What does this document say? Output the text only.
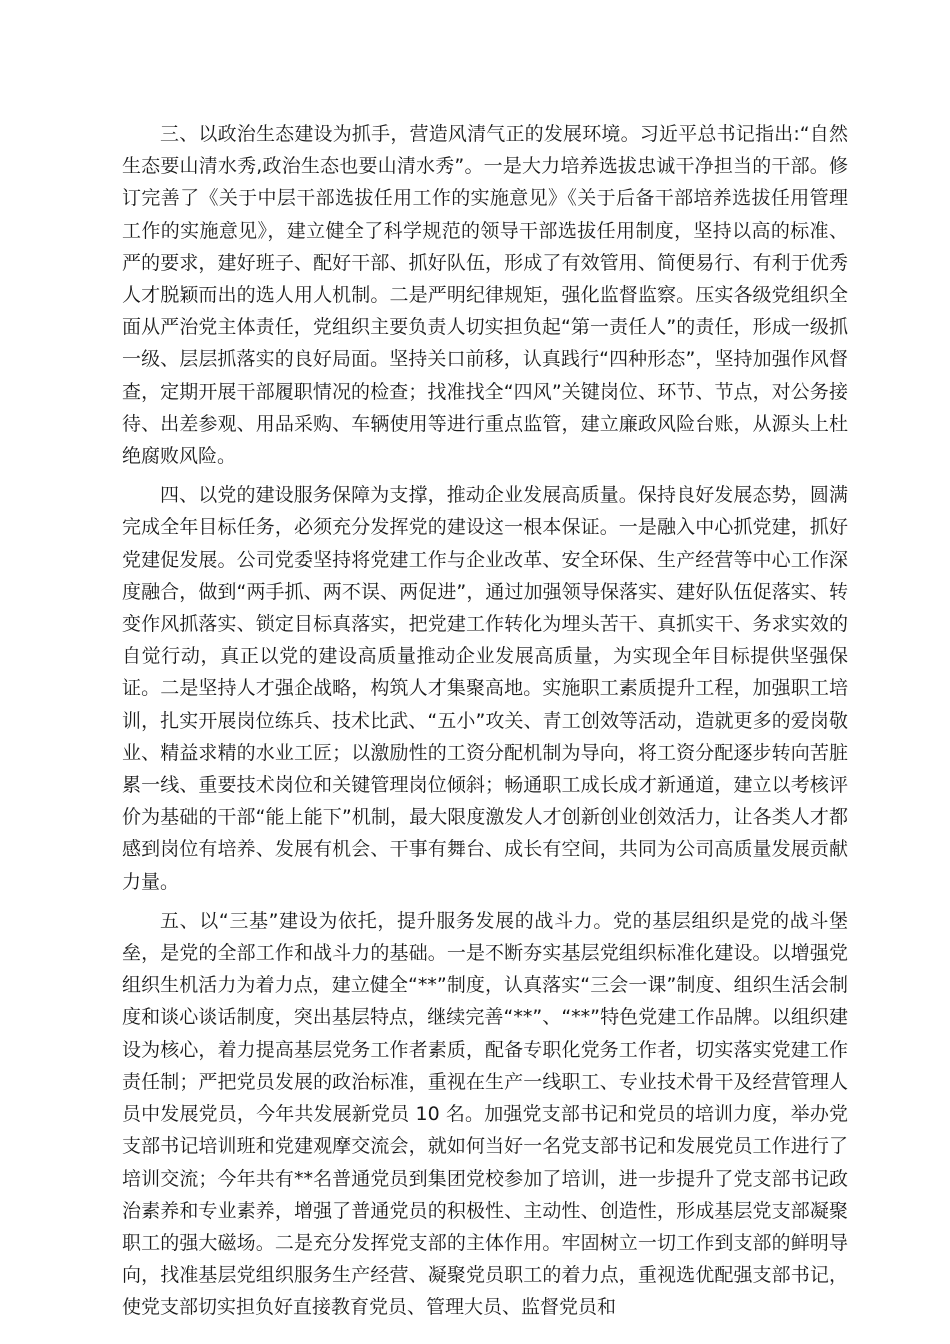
三、以政治生态建设为抓手，营造风清气正的发展环境。习近平总书记指出:“自然生态要山清水秀,政治生态也要山清水秀”。一是大力培养选拔忠诚干净担当的干部。修订完善了《关于中层干部选拔任用工作的实施意见》《关于后备干部培养选拔任用管理工作的实施意见》，建立健全了科学规范的领导干部选拔任用制度，坚持以高的标准、严的要求，建好班子、配好干部、抓好队伍，形成了有效管用、简便易行、有利于优秀人才脱颖而出的选人用人机制。二是严明纪律规矩，强化监督监察。压实各级党组织全面从严治党主体责任，党组织主要负责人切实担负起“第一责任人”的责任，形成一级抓一级、层层抓落实的良好局面。坚持关口前移，认真践行“四种形态”，坚持加强作风督查，定期开展干部履职情况的检查；找准找全“四风”关键岗位、环节、节点，对公务接待、出差参观、用品采购、车辆使用等进行重点监管，建立廉政风险台账，从源头上杜绝腐败风险。

四、以党的建设服务保障为支撑，推动企业发展高质量。保持良好发展态势，圆满完成全年目标任务，必须充分发挥党的建设这一根本保证。一是融入中心抓党建，抓好党建促发展。公司党委坚持将党建工作与企业改革、安全环保、生产经营等中心工作深度融合，做到“两手抓、两不误、两促进”，通过加强领导保落实、建好队伍促落实、转变作风抓落实、锁定目标真落实，把党建工作转化为埋头苦干、真抓实干、务求实效的自觉行动，真正以党的建设高质量推动企业发展高质量，为实现全年目标提供坚强保证。二是坚持人才强企战略，构筑人才集聚高地。实施职工素质提升工程，加强职工培训，扎实开展岗位练兵、技术比武、“五小”攻关、青工创效等活动，造就更多的爱岗敬业、精益求精的水业工匠；以激励性的工资分配机制为导向，将工资分配逐步转向苦脏累一线、重要技术岗位和关键管理岗位倾斜；畅通职工成长成才新通道，建立以考核评价为基础的干部“能上能下”机制，最大限度激发人才创新创业创效活力，让各类人才都感到岗位有培养、发展有机会、干事有舞台、成长有空间，共同为公司高质量发展贡献力量。

五、以“三基”建设为依托，提升服务发展的战斗力。党的基层组织是党的战斗堡垒，是党的全部工作和战斗力的基础。一是不断夯实基层党组织标准化建设。以增强党组织生机活力为着力点，建立健全“**”制度，认真落实“三会一课”制度、组织生活会制度和谈心谈话制度，突出基层特点，继续完善“**”、“**”特色党建工作品牌。以组织建设为核心，着力提高基层党务工作者素质，配备专职化党务工作者，切实落实党建工作责任制；严把党员发展的政治标准，重视在生产一线职工、专业技术骨干及经营管理人员中发展党员，今年共发展新党员 10 名。加强党支部书记和党员的培训力度，举办党支部书记培训班和党建观摩交流会，就如何当好一名党支部书记和发展党员工作进行了培训交流；今年共有**名普通党员到集团党校参加了培训，进一步提升了党支部书记政治素养和专业素养，增强了普通党员的积极性、主动性、创造性，形成基层党支部凝聚职工的强大磁场。二是充分发挥党支部的主体作用。牢固树立一切工作到支部的鲜明导向，找准基层党组织服务生产经营、凝聚党员职工的着力点，重视选优配强支部书记，使党支部切实担负好直接教育党员、管理大员、监督党员和
